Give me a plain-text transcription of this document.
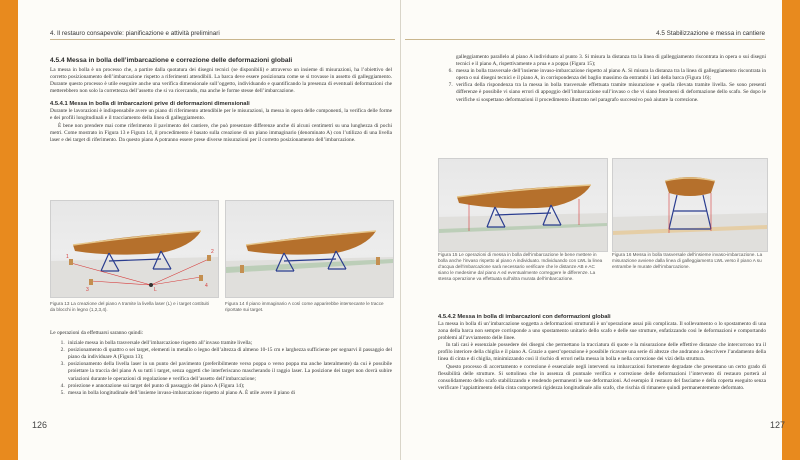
4. Il restauro consapevole: pianificazione e attività preliminari
4.5.4 Messa in bolla dell’imbarcazione e correzione delle deformazioni globali

La messa in bolla è un processo che, a partire dalla quotatura dei disegni tecnici (se disponibili) e attraverso un insieme di misurazioni, ha l’obiettivo del corretto posizionamento dell’imbarcazione rispetto a riferimenti attendibili. La barca deve essere posizionata come se si trovasse in assetto di galleggiamento. Durante questo processo è utile eseguire anche una verifica dimensionale sull’oggetto, individuando e quantificando la presenza di eventuali deformazioni che metterebbero non solo la correttezza dell’assetto che si va ricercando, ma anche le forme stesse dell’imbarcazione.

4.5.4.1 Messa in bolla di imbarcazioni prive di deformazioni dimensionali

Durante le lavorazioni è indispensabile avere un piano di riferimento attendibile per le misurazioni, la messa in opera delle componenti, la verifica delle forme e dei profili longitudinali e il tracciamento della linea di galleggiamento.

È bene non prendere mai come riferimento il pavimento del cantiere, che può presentare differenze anche di alcuni centimetri su una lunghezza di pochi metri. Come mostrato in Figura 13 e Figura 14, il procedimento è basato sulla creazione di un piano immaginario (denominato A) con l’utilizzo di una livella laser e dei target di riferimento. Da questo piano A potranno essere prese diverse misurazioni per il corretto posizionamento dell’imbarcazione.

1
2
3
4
L
Figura 13 La creazione del piano A tramite la livella laser (L) e i target costituiti da blocchi in legno (1,2,3,4).
Figura 14 Il piano immaginario A così come apparirebbe intersecante le tracce riportate sui target.

Le operazioni da effettuarsi saranno quindi:

1. iniziale messa in bolla trasversale dell’imbarcazione rispetto all’invaso tramite livella;
2. posizionamento di quattro o sei target, elementi in metallo o legno dell’altezza di almeno 10-15 cm e larghezza sufficiente per segnarvi il passaggio del piano da individuare A (Figura 13);
3. posizionamento della livella laser in un punto del pavimento (preferibilmente verso poppa o verso poppa ma anche lateralmente) da cui è possibile proiettare la traccia del piano A su tutti i target, senza oggetti che interferiscano mascherando il raggio laser. La posizione dei target non dovrà subire variazioni durante le operazioni di regolazione e verifica dell’assetto dell’imbarcazione;
4. proiezione e annotazione sui target del punto di passaggio del piano A (Figura 14);
5. messa in bolla longitudinale dell’insieme invaso-imbarcazione rispetto al piano A. È utile avere il piano di
126
4.5 Stabilizzazione e messa in cantiere

galleggiamento parallelo al piano A individuato al punto 3. Si misura la distanza tra la linea di galleggiamento riscontrata in opera o sui disegni tecnici e il piano A, rispettivamente a prua e a poppa (Figura 15);

6. messa in bolla trasversale dell’insieme invaso-imbarcazione rispetto al piano A. Si misura la distanza tra la linea di galleggiamento riscontrata in opera o sui disegni tecnici e il piano A, in corrispondenza del baglio massimo da entrambi i lati della barca (Figura 16);
7. verifica della rispondenza tra la messa in bolla trasversale effettuata tramite misurazione e quella rilevata tramite livella. Se sono presenti differenze è possibile vi siano errori di appoggio dell’imbarcazione sull’invaso o che vi siano fenomeni di deformazione dello scafo. Se dopo le verifiche si sospettano deformazioni il procedimento illustrato nel paragrafo successivo può aiutare la correzione.
Figura 15 Le operazioni di messa in bolla dell’imbarcazione le bene mettere in bolla anche l’invaso rispetto al piano A individuato. Individuando con LWL la linea d’acqua dell’imbarcazione sarà necessario verificare che le distanze AB e AC siano le medesime dal piano A ed eventualmente correggere le differenze. La stessa operazione va effettuata sull’altra murata dell’imbarcazione.
Figura 16 Messa in bolla trasversale dell’insieme invaso-imbarcazione. La misurazione avviene dalla linea di galleggiamento LWL verso il piano A su entrambe le murate dell’imbarcazione.
4.5.4.2 Messa in bolla di imbarcazioni con deformazioni globali

La messa in bolla di un’imbarcazione soggetta a deformazioni strutturali è un’operazione assai più complicata. Il sollevamento o lo spostamento di una zona della barca non sempre corrisponde a uno spostamento unitario dello scafo e delle sue strutture, enfatizzando così le deformazioni e comportando problemi all’avviamento delle linee.

In tali casi è essenziale possedere dei disegni che permettano la tracciatura di quote e la misurazione delle effettive distanze che intercorrono tra il profilo interiore della chiglia e il piano A. Grazie a quest’operazione è possibile ricavare una serie di altezze che andranno a descrivere l’andamento della linea di cinta e di chiglia, minimizzando così il rischio di errori nella messa in bolla e nella correzione dei vizi della struttura.

Questo processo di accertamento e correzione è essenziale negli interventi su imbarcazioni fortemente degradate che presentano un certo grado di flessibilità delle strutture. Si sottolinea che in assenza di puntuale verifica e correzione delle deformazioni l’intervento di restauro porterà al consolidamento dello scafo stabilizzando e rendendo permanenti le sue deformazioni. Ad esempio il restauro del fasciame e della coperta eseguito senza verificare l’appiattimento della cinta comporterà rigidezza longitudinale allo scafo, che rischia di rimanere quindi permanentemente deformato.

127
